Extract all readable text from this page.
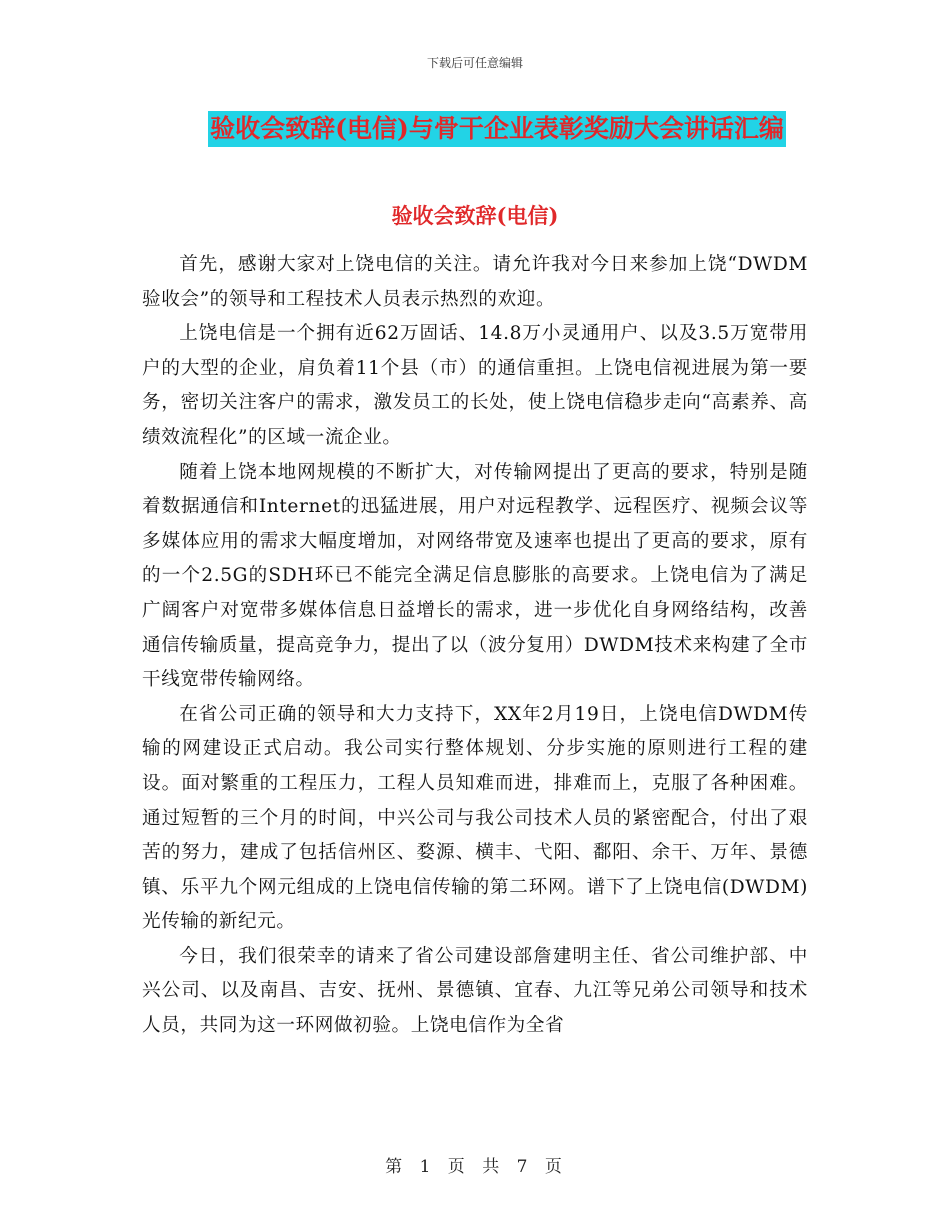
下载后可任意编辑
验收会致辞(电信)与骨干企业表彰奖励大会讲话汇编
验收会致辞(电信)

首先，感谢大家对上饶电信的关注。请允许我对今日来参加上饶“DWDM验收会”的领导和工程技术人员表示热烈的欢迎。

上饶电信是一个拥有近62万固话、14.8万小灵通用户、以及3.5万宽带用户的大型的企业，肩负着11个县（市）的通信重担。上饶电信视进展为第一要务，密切关注客户的需求，激发员工的长处，使上饶电信稳步走向“高素养、高绩效流程化”的区域一流企业。

随着上饶本地网规模的不断扩大，对传输网提出了更高的要求，特别是随着数据通信和Internet的迅猛进展，用户对远程教学、远程医疗、视频会议等多媒体应用的需求大幅度增加，对网络带宽及速率也提出了更高的要求，原有的一个2.5G的SDH环已不能完全满足信息膨胀的高要求。上饶电信为了满足广阔客户对宽带多媒体信息日益增长的需求，进一步优化自身网络结构，改善通信传输质量，提高竞争力，提出了以（波分复用）DWDM技术来构建了全市干线宽带传输网络。

在省公司正确的领导和大力支持下，XX年2月19日，上饶电信DWDM传输的网建设正式启动。我公司实行整体规划、分步实施的原则进行工程的建设。面对繁重的工程压力，工程人员知难而进，排难而上，克服了各种困难。通过短暂的三个月的时间，中兴公司与我公司技术人员的紧密配合，付出了艰苦的努力，建成了包括信州区、婺源、横丰、弋阳、鄱阳、余干、万年、景德镇、乐平九个网元组成的上饶电信传输的第二环网。谱下了上饶电信(DWDM)光传输的新纪元。

今日，我们很荣幸的请来了省公司建设部詹建明主任、省公司维护部、中兴公司、以及南昌、吉安、抚州、景德镇、宜春、九江等兄弟公司领导和技术人员，共同为这一环网做初验。上饶电信作为全省

第 1 页 共 7 页
